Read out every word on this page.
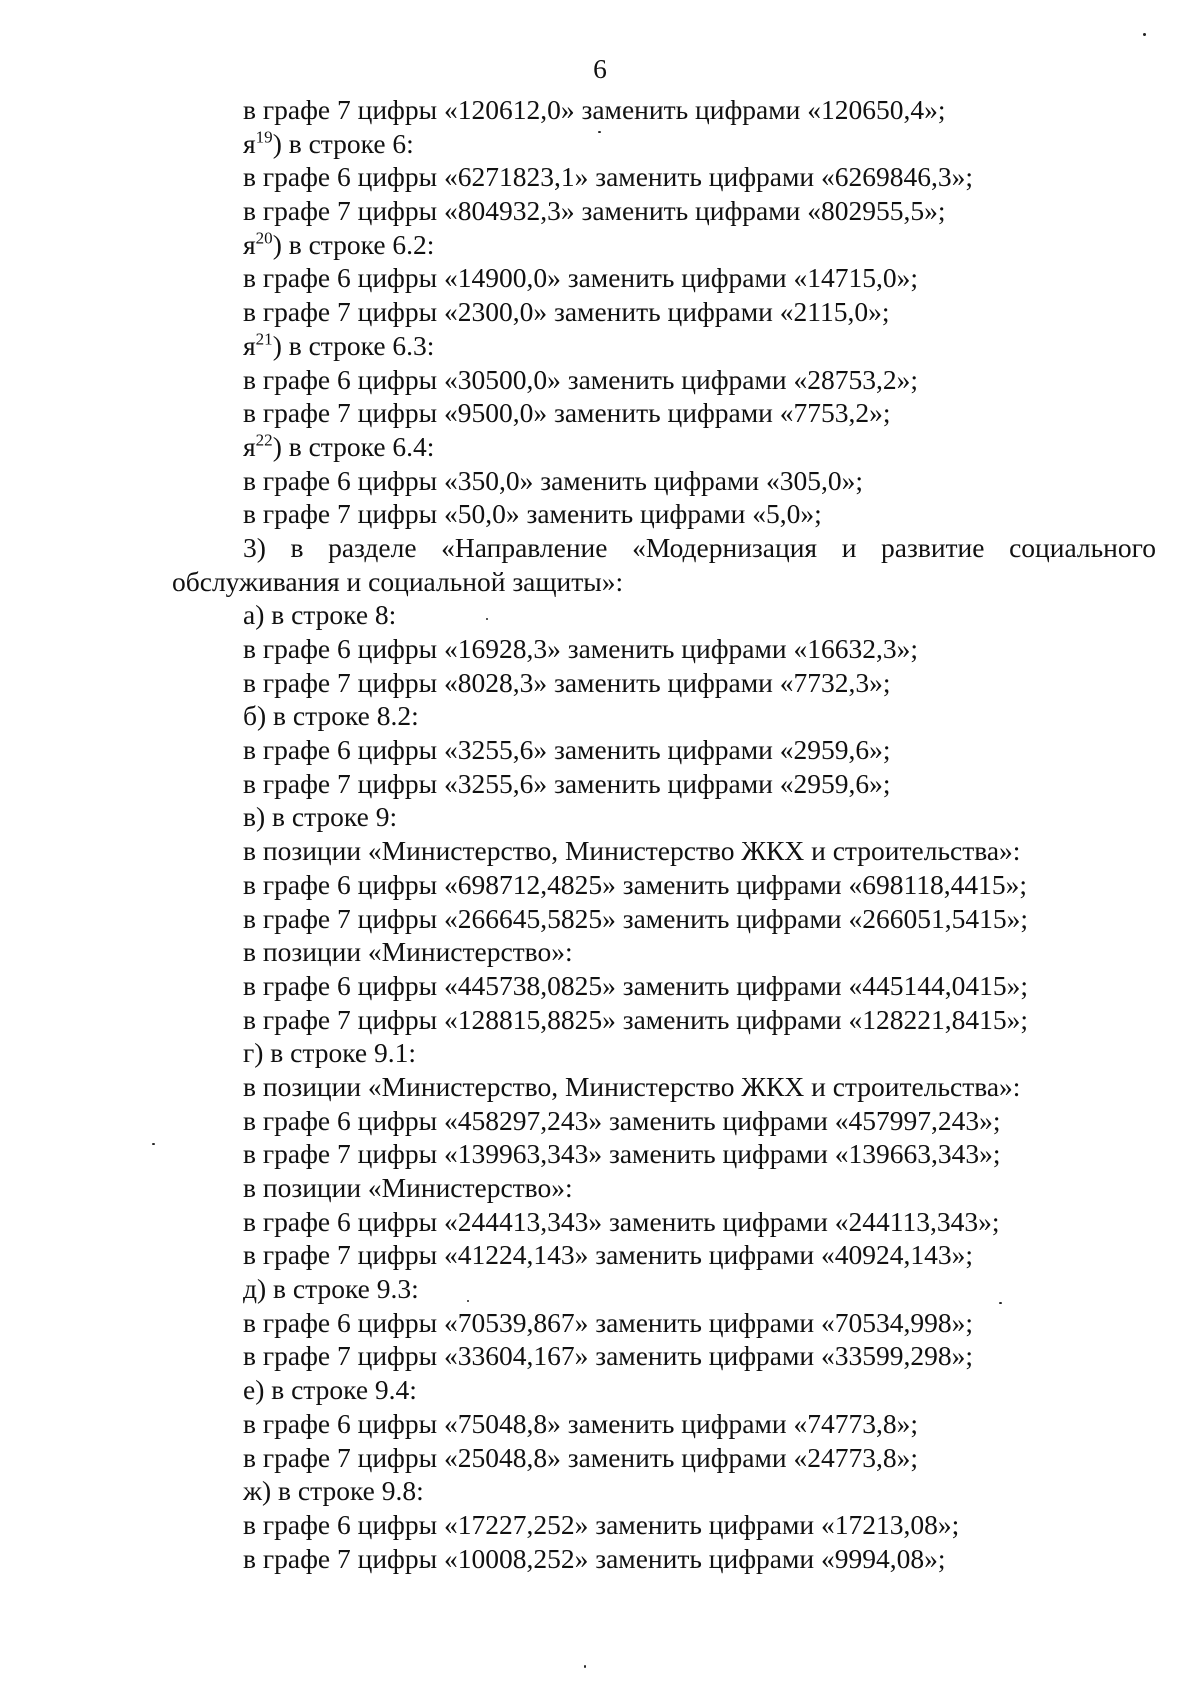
6
в графе 7 цифры «120612,0» заменить цифрами «120650,4»;
$я^{19}$) в строке 6:
в графе 6 цифры «6271823,1» заменить цифрами «6269846,3»;
в графе 7 цифры «804932,3» заменить цифрами «802955,5»;
$я^{20}$) в строке 6.2:
в графе 6 цифры «14900,0» заменить цифрами «14715,0»;
в графе 7 цифры «2300,0» заменить цифрами «2115,0»;
$я^{21}$) в строке 6.3:
в графе 6 цифры «30500,0» заменить цифрами «28753,2»;
в графе 7 цифры «9500,0» заменить цифрами «7753,2»;
$я^{22}$) в строке 6.4:
в графе 6 цифры «350,0» заменить цифрами «305,0»;
в графе 7 цифры «50,0» заменить цифрами «5,0»;
3) в разделе «Направление «Модернизация и развитие социального
обслуживания и социальной защиты»:
а) в строке 8:
в графе 6 цифры «16928,3» заменить цифрами «16632,3»;
в графе 7 цифры «8028,3» заменить цифрами «7732,3»;
б) в строке 8.2:
в графе 6 цифры «3255,6» заменить цифрами «2959,6»;
в графе 7 цифры «3255,6» заменить цифрами «2959,6»;
в) в строке 9:
в позиции «Министерство, Министерство ЖКХ и строительства»:
в графе 6 цифры «698712,4825» заменить цифрами «698118,4415»;
в графе 7 цифры «266645,5825» заменить цифрами «266051,5415»;
в позиции «Министерство»:
в графе 6 цифры «445738,0825» заменить цифрами «445144,0415»;
в графе 7 цифры «128815,8825» заменить цифрами «128221,8415»;
г) в строке 9.1:
в позиции «Министерство, Министерство ЖКХ и строительства»:
в графе 6 цифры «458297,243» заменить цифрами «457997,243»;
в графе 7 цифры «139963,343» заменить цифрами «139663,343»;
в позиции «Министерство»:
в графе 6 цифры «244413,343» заменить цифрами «244113,343»;
в графе 7 цифры «41224,143» заменить цифрами «40924,143»;
д) в строке 9.3:
в графе 6 цифры «70539,867» заменить цифрами «70534,998»;
в графе 7 цифры «33604,167» заменить цифрами «33599,298»;
е) в строке 9.4:
в графе 6 цифры «75048,8» заменить цифрами «74773,8»;
в графе 7 цифры «25048,8» заменить цифрами «24773,8»;
ж) в строке 9.8:
в графе 6 цифры «17227,252» заменить цифрами «17213,08»;
в графе 7 цифры «10008,252» заменить цифрами «9994,08»;
